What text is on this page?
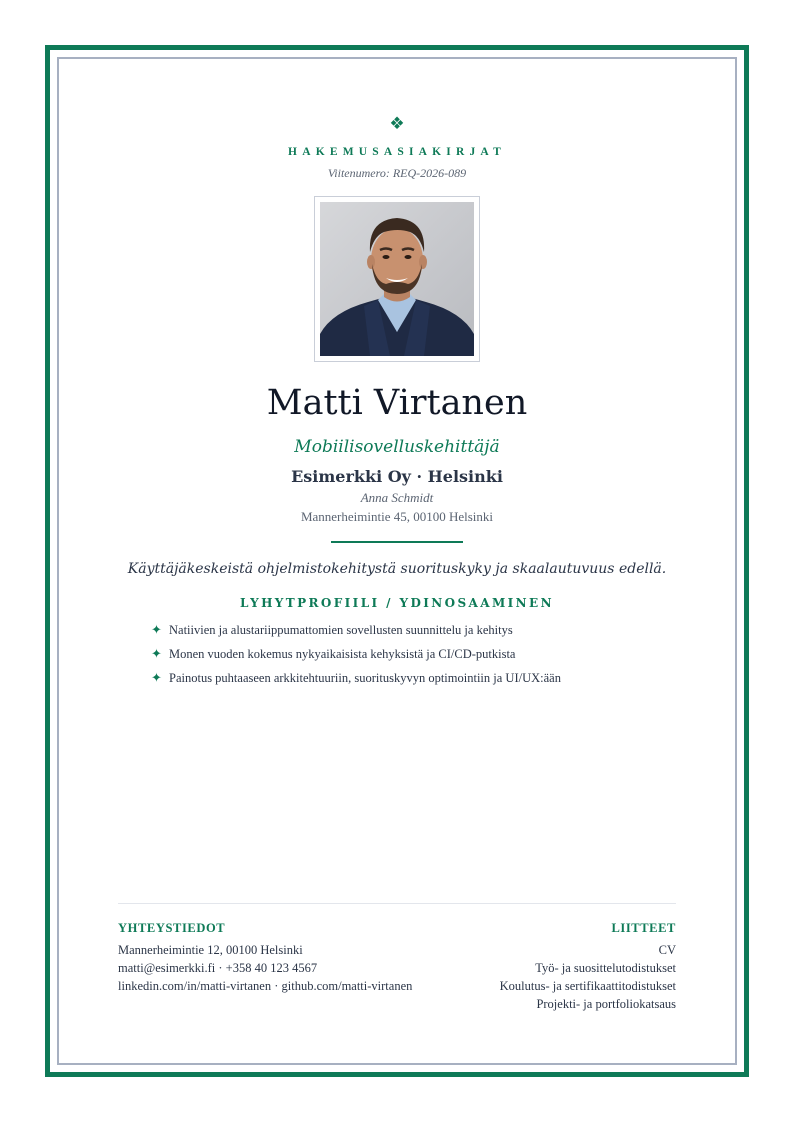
❖
HAKEMUSASIAKIRJAT
Viitenumero: REQ-2026-089
Matti Virtanen
Mobiilisovelluskehittäjä
Esimerkki Oy · Helsinki
Anna Schmidt
Mannerheimintie 45, 00100 Helsinki
Käyttäjäkeskeistä ohjelmistokehitystä suorituskyky ja skaalautuvuus edellä.
LYHYTPROFIILI / YDINOSAAMINEN
✦ Natiivien ja alustariippumattomien sovellusten suunnittelu ja kehitys
✦ Monen vuoden kokemus nykyaikaisista kehyksistä ja CI/CD-putkista
✦ Painotus puhtaaseen arkkitehtuuriin, suorituskyvyn optimointiin ja UI/UX:ään
YHTEYSTIEDOT
Mannerheimintie 12, 00100 Helsinki
matti@esimerkki.fi · +358 40 123 4567
linkedin.com/in/matti-virtanen · github.com/matti-virtanen
LIITTEET
CV
Työ- ja suosittelutodistukset
Koulutus- ja sertifikaattitodistukset
Projekti- ja portfoliokatsaus
